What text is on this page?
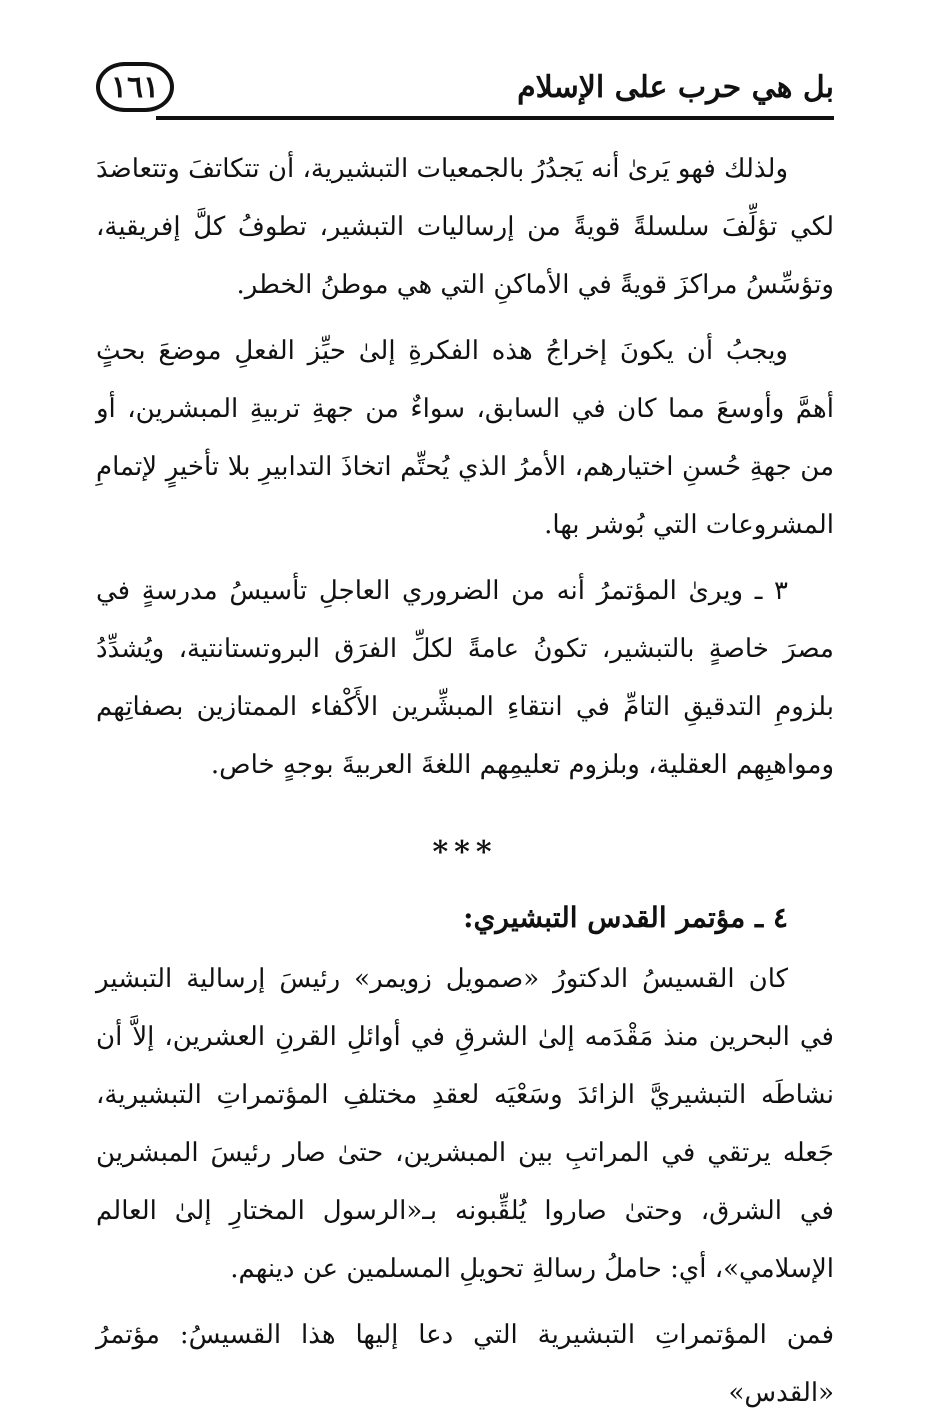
١٦١	بل هي حرب على الإسلام

ولذلك فهو يَرىٰ أنه يَجدُرُ بالجمعيات التبشيرية، أن تتكاتفَ وتتعاضدَ لكي تؤلِّفَ سلسلةً قويةً من إرساليات التبشير، تطوفُ كلَّ إفريقية، وتؤسِّسُ مراكزَ قويةً في الأماكنِ التي هي موطنُ الخطر.

ويجبُ أن يكونَ إخراجُ هذه الفكرةِ إلىٰ حيِّز الفعلِ موضعَ بحثٍ أهمَّ وأوسعَ مما كان في السابق، سواءٌ من جهةِ تربيةِ المبشرين، أو من جهةِ حُسنِ اختيارهم، الأمرُ الذي يُحتِّم اتخاذَ التدابيرِ بلا تأخيرٍ لإتمامِ المشروعات التي بُوشر بها.

٣ ـ ويرىٰ المؤتمرُ أنه من الضروري العاجلِ تأسيسُ مدرسةٍ في مصرَ خاصةٍ بالتبشير، تكونُ عامةً لكلِّ الفرَق البروتستانتية، ويُشدِّدُ بلزومِ التدقيقِ التامِّ في انتقاءِ المبشِّرين الأَكْفاء الممتازين بصفاتِهم ومواهبِهم العقلية، وبلزوم تعليمِهم اللغةَ العربيةَ بوجهٍ خاص.

***
٤ ـ مؤتمر القدس التبشيري:

كان القسيسُ الدكتورُ «صمويل زويمر» رئيسَ إرسالية التبشير في البحرين منذ مَقْدَمه إلىٰ الشرقِ في أوائلِ القرنِ العشرين، إلاَّ أن نشاطَه التبشيريَّ الزائدَ وسَعْيَه لعقدِ مختلفِ المؤتمراتِ التبشيرية، جَعله يرتقي في المراتبِ بين المبشرين، حتىٰ صار رئيسَ المبشرين في الشرق، وحتىٰ صاروا يُلقِّبونه بـ«الرسول المختارِ إلىٰ العالم الإسلامي»، أي: حاملُ رسالةِ تحويلِ المسلمين عن دينهم.

فمن المؤتمراتِ التبشيرية التي دعا إليها هذا القسيسُ: مؤتمرُ «القدس»
